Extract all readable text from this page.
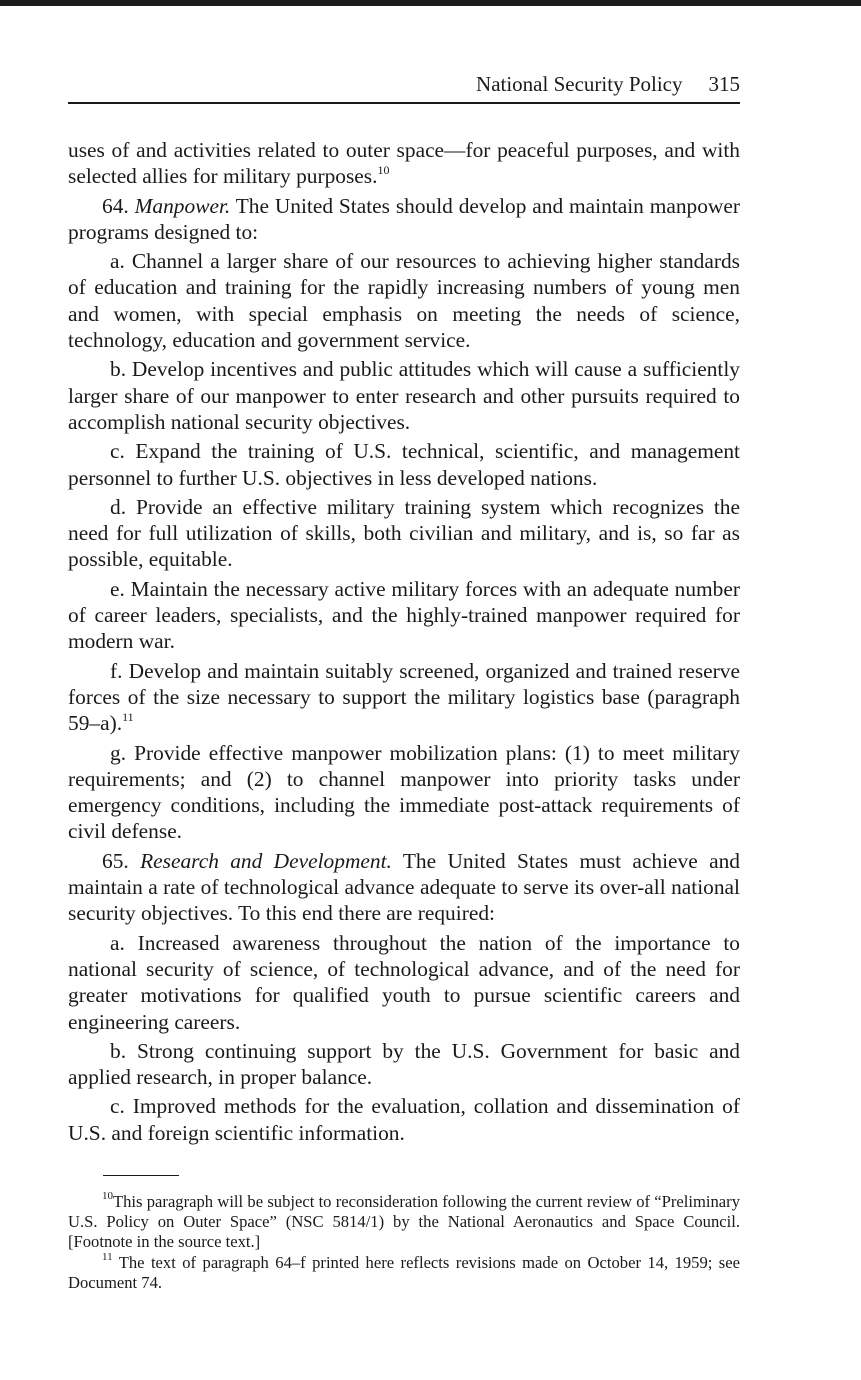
National Security Policy 315

uses of and activities related to outer space—for peaceful purposes, and with selected allies for military purposes.$^{10}$

64. Manpower. The United States should develop and maintain manpower programs designed to:

a. Channel a larger share of our resources to achieving higher standards of education and training for the rapidly increasing numbers of young men and women, with special emphasis on meeting the needs of science, technology, education and government service.

b. Develop incentives and public attitudes which will cause a sufficiently larger share of our manpower to enter research and other pursuits required to accomplish national security objectives.

c. Expand the training of U.S. technical, scientific, and management personnel to further U.S. objectives in less developed nations.

d. Provide an effective military training system which recognizes the need for full utilization of skills, both civilian and military, and is, so far as possible, equitable.

e. Maintain the necessary active military forces with an adequate number of career leaders, specialists, and the highly-trained manpower required for modern war.

f. Develop and maintain suitably screened, organized and trained reserve forces of the size necessary to support the military logistics base (paragraph 59–a).$^{11}$

g. Provide effective manpower mobilization plans: (1) to meet military requirements; and (2) to channel manpower into priority tasks under emergency conditions, including the immediate post-attack requirements of civil defense.

65. Research and Development. The United States must achieve and maintain a rate of technological advance adequate to serve its over-all national security objectives. To this end there are required:

a. Increased awareness throughout the nation of the importance to national security of science, of technological advance, and of the need for greater motivations for qualified youth to pursue scientific careers and engineering careers.

b. Strong continuing support by the U.S. Government for basic and applied research, in proper balance.

c. Improved methods for the evaluation, collation and dissemination of U.S. and foreign scientific information.

$^{10}$This paragraph will be subject to reconsideration following the current review of “Preliminary U.S. Policy on Outer Space” (NSC 5814/1) by the National Aeronautics and Space Council. [Footnote in the source text.]

$^{11}$ The text of paragraph 64–f printed here reflects revisions made on October 14, 1959; see Document 74.
